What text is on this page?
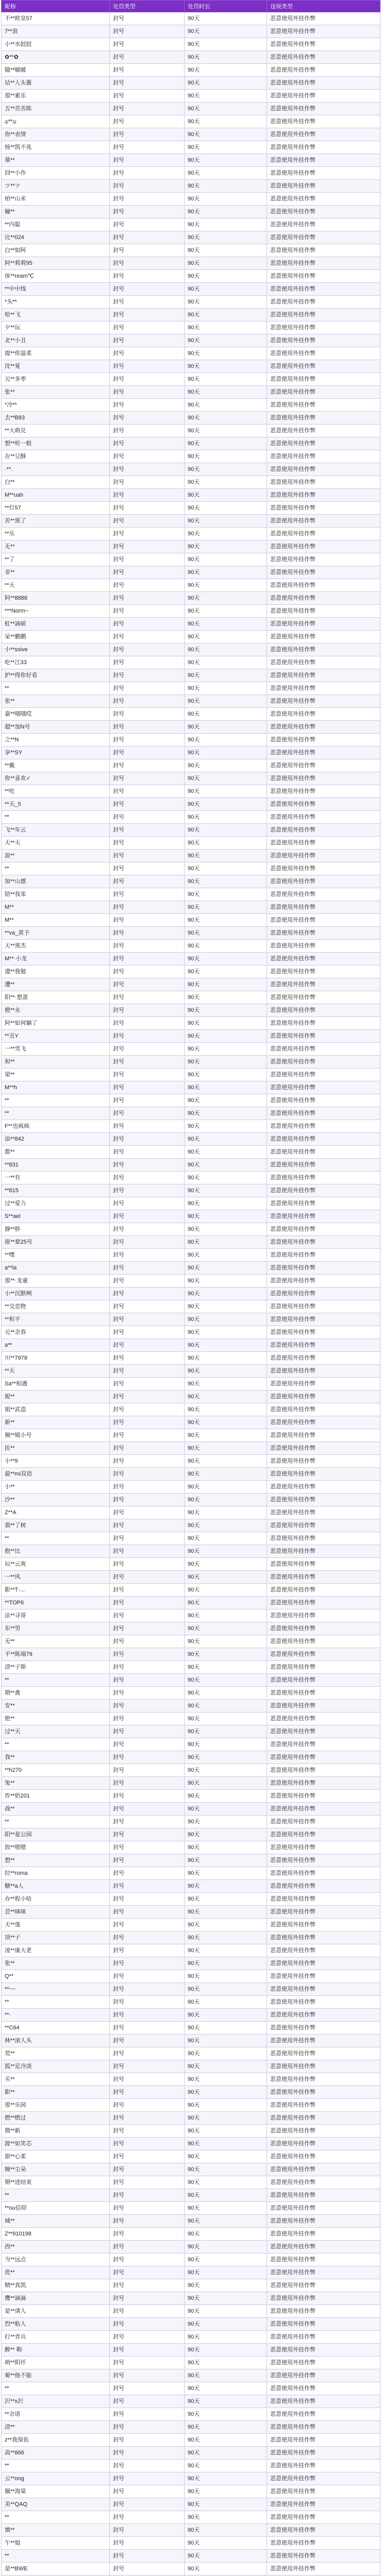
昵称	处罚类型	处罚时长	违规类型
不**欧皇57	封号	90天	恶意使用外挂作弊
7**浪	封号	90天	恶意使用外挂作弊
小**水挝挝	封号	90天	恶意使用外挂作弊
✿**✿	封号	90天	恶意使用外挂作弊
随**啵啵	封号	90天	恶意使用外挂作弊
站**人头酱	封号	90天	恶意使用外挂作弊
那**素乐	封号	90天	恶意使用外挂作弊
五**苦苦陈	封号	90天	恶意使用外挂作弊
ಥ**ಥ	封号	90天	恶意使用外挂作弊
你**表情	封号	90天	恶意使用外挂作弊
杨**凯不兆	封号	90天	恶意使用外挂作弊
幕**	封号	90天	恶意使用外挂作弊
回**小作	封号	90天	恶意使用外挂作弊
ツ**ツ	封号	90天	恶意使用外挂作弊
柏**山米	封号	90天	恶意使用外挂作弊
瞳**	封号	90天	恶意使用外挂作弊
**内聪	封号	90天	恶意使用外挂作弊
比**024	封号	90天	恶意使用外挂作弊
白**如阿	封号	90天	恶意使用外挂作弊
阿**莉莉95	封号	90天	恶意使用外挂作弊
体**ream℃	封号	90天	恶意使用外挂作弊
**中中线	封号	90天	恶意使用外挂作弊
*头**	封号	90天	恶意使用外挂作弊
哈**飞	封号	90天	恶意使用外挂作弊
夕**玩	封号	90天	恶意使用外挂作弊
北**小丑	封号	90天	恶意使用外挂作弊
提**你温柔	封号	90天	恶意使用外挂作弊
沈**夏	封号	90天	恶意使用外挂作弊
元**多枣	封号	90天	恶意使用外挂作弊
张**	封号	90天	恶意使用外挂作弊
*冷**	封号	90天	恶意使用外挂作弊
去**B83	封号	90天	恶意使用外挂作弊
**大萌兑	封号	90天	恶意使用外挂作弊
想**听一般	封号	90天	恶意使用外挂作弊
在**豆酥	封号	90天	恶意使用外挂作弊
·**.	封号	90天	恶意使用外挂作弊
白**	封号	90天	恶意使用外挂作弊
M**uah	封号	90天	恶意使用外挂作弊
**灯57	封号	90天	恶意使用外挂作弊
苦**黑了	封号	90天	恶意使用外挂作弊
**乐	封号	90天	恶意使用外挂作弊
无**	封号	90天	恶意使用外挂作弊
**了	封号	90天	恶意使用外挂作弊
非**	封号	90天	恶意使用外挂作弊
**天	封号	90天	恶意使用外挂作弊
阿**8888	封号	90天	恶意使用外挂作弊
***Norm~	封号	90天	恶意使用外挂作弊
虹**滴硕	封号	90天	恶意使用外挂作弊
呆**鹏鹏	封号	90天	恶意使用外挂作弊
小**ssive	封号	90天	恶意使用外挂作弊
吃**江33	封号	90天	恶意使用外挂作弊
护**得你好看	封号	90天	恶意使用外挂作弊
**	封号	90天	恶意使用外挂作弊
张**	封号	90天	恶意使用外挂作弊
嘉**哦哦哎	封号	90天	恶意使用外挂作弊
超**加N号	封号	90天	恶意使用外挂作弊
之**N	封号	90天	恶意使用外挂作弊
享**SY	封号	90天	恶意使用外挂作弊
**戴	封号	90天	恶意使用外挂作弊
你**喜欢✓	封号	90天	恶意使用外挂作弊
**吃	封号	90天	恶意使用外挂作弊
**天_5	封号	90天	恶意使用外挂作弊
**	封号	90天	恶意使用外挂作弊
飞**年云	封号	90天	恶意使用外挂作弊
天**天	封号	90天	恶意使用外挂作弊
浪**	封号	90天	恶意使用外挂作弊
**	封号	90天	恶意使用外挂作弊
加**山感	封号	90天	恶意使用外挂作弊
陪**我笨	封号	90天	恶意使用外挂作弊
M**	封号	90天	恶意使用外挂作弊
M**	封号	90天	恶意使用外挂作弊
**va_黄予	封号	90天	恶意使用外挂作弊
天**黑杰	封号	90天	恶意使用外挂作弊
M**·小龙	封号	90天	恶意使用外挂作弊
遗**我勉	封号	90天	恶意使用外挂作弊
遭**	封号	90天	恶意使用外挂作弊
阳**·想蛋	封号	90天	恶意使用外挂作弊
橙**永	封号	90天	恶意使用外挂作弊
阿**如何躺了	封号	90天	恶意使用外挂作弊
**丑Y	封号	90天	恶意使用外挂作弊
一**雪飞	封号	90天	恶意使用外挂作弊
和**	封号	90天	恶意使用外挂作弊
梁**	封号	90天	恶意使用外挂作弊
M**h	封号	90天	恶意使用外挂作弊
**	封号	90天	恶意使用外挂作弊
**	封号	90天	恶意使用外挂作弊
F**也疯疯	封号	90天	恶意使用外挂作弊
添**842	封号	90天	恶意使用外挂作弊
都**	封号	90天	恶意使用外挂作弊
**831	封号	90天	恶意使用外挂作弊
一**有	封号	90天	恶意使用外挂作弊
**815	封号	90天	恶意使用外挂作弊
过**爱力	封号	90天	恶意使用外挂作弊
S**ael	封号	90天	恶意使用外挂作弊
静**胖	封号	90天	恶意使用外挂作弊
原**辈25号	封号	90天	恶意使用外挂作弊
**嘿	封号	90天	恶意使用外挂作弊
a**la	封号	90天	恶意使用外挂作弊
那**·龙童	封号	90天	恶意使用外挂作弊
小**沉默咧	封号	90天	恶意使用外挂作弊
**交恋物	封号	90天	恶意使用外挂作弊
**和平	封号	90天	恶意使用外挂作弊
元**余春	封号	90天	恶意使用外挂作弊
a**	封号	90天	恶意使用外挂作弊
川**7978	封号	90天	恶意使用外挂作弊
**天	封号	90天	恶意使用外挂作弊
Sa**相遇	封号	90天	恶意使用外挂作弊
妮**	封号	90天	恶意使用外挂作弊
姐**武造	封号	90天	恶意使用外挂作弊
新**	封号	90天	恶意使用外挂作弊
佩**嫣小号	封号	90天	恶意使用外挂作弊
医**	封号	90天	恶意使用外挂作弊
小**9	封号	90天	恶意使用外挂作弊
最**mi双语	封号	90天	恶意使用外挂作弊
小**	封号	90天	恶意使用外挂作弊
沙**	封号	90天	恶意使用外挂作弊
Z**A	封号	90天	恶意使用外挂作弊
翡**了树	封号	90天	恶意使用外挂作弊
**	封号	90天	恶意使用外挂作弊
抱**比	封号	90天	恶意使用外挂作弊
玩**云爽	封号	90天	恶意使用外挂作弊
一**风	封号	90天	恶意使用外挂作弊
影**T·...	封号	90天	恶意使用外挂作弊
**TOP6	封号	90天	恶意使用外挂作弊
法**寻哥	封号	90天	恶意使用外挂作弊
东**男	封号	90天	恶意使用外挂作弊
无**	封号	90天	恶意使用外挂作弊
平**陈端79	封号	90天	恶意使用外挂作弊
清**子斯	封号	90天	恶意使用外挂作弊
**	封号	90天	恶意使用外挂作弊
期**禽	封号	90天	恶意使用外挂作弊
安**	封号	90天	恶意使用外挂作弊
绝**	封号	90天	恶意使用外挂作弊
过**天	封号	90天	恶意使用外挂作弊
**	封号	90天	恶意使用外挂作弊
我**	封号	90天	恶意使用外挂作弊
**h270	封号	90天	恶意使用外挂作弊
兔**	封号	90天	恶意使用外挂作弊
炸**奶201	封号	90天	恶意使用外挂作弊
战**	封号	90天	恶意使用外挂作弊
**	封号	90天	恶意使用外挂作弊
阳**是公园	封号	90天	恶意使用外挂作弊
致**嗯嗯	封号	90天	恶意使用外挂作弊
想**	封号	90天	恶意使用外挂作弊
拉**roma	封号	90天	恶意使用外挂作弊
糖**a人	封号	90天	恶意使用外挂作弊
办**程小哈	封号	90天	恶意使用外挂作弊
芸**咪咪	封号	90天	恶意使用外挂作弊
天**莲	封号	90天	恶意使用外挂作弊
顶**子	封号	90天	恶意使用外挂作弊
凌**康大老	封号	90天	恶意使用外挂作弊
张**	封号	90天	恶意使用外挂作弊
Q**	封号	90天	恶意使用外挂作弊
**~~	封号	90天	恶意使用外挂作弊
**	封号	90天	恶意使用外挂作弊
**·	封号	90天	恶意使用外挂作弊
**C64	封号	90天	恶意使用外挂作弊
林**滚人头	封号	90天	恶意使用外挂作弊
荒**	封号	90天	恶意使用外挂作弊
狐**足冷淡	封号	90天	恶意使用外挂作弊
买**	封号	90天	恶意使用外挂作弊
影**	封号	90天	恶意使用外挂作弊
那**乐园	封号	90天	恶意使用外挂作弊
燃**燃过	封号	90天	恶意使用外挂作弊
微**新	封号	90天	恶意使用外挂作弊
渡**如笑芯	封号	90天	恶意使用外挂作弊
甜**心柔	封号	90天	恶意使用外挂作弊
婉**尘朵	封号	90天	恶意使用外挂作弊
期**进结束	封号	90天	恶意使用外挂作弊
**	封号	90天	恶意使用外挂作弊
**ou信仰	封号	90天	恶意使用外挂作弊
城**	封号	90天	恶意使用外挂作弊
Z**910198	封号	90天	恶意使用外挂作弊
西**	封号	90天	恶意使用外挂作弊
当**远点	封号	90天	恶意使用外挂作弊
优**	封号	90天	恶意使用外挂作弊
精**真凯	封号	90天	恶意使用外挂作弊
鹰**滴滴	封号	90天	恶意使用外挂作弊
是**请人	封号	90天	恶意使用外挂作弊
烈**粘人	封号	90天	恶意使用外挂作弊
打**青兵	封号	90天	恶意使用外挂作弊
醉** 勒	封号	90天	恶意使用外挂作弊
萌**阳仟	封号	90天	恶意使用外挂作弊
菊**他不能	封号	90天	恶意使用外挂作弊
**	封号	90天	恶意使用外挂作弊
沢**x沢	封号	90天	恶意使用外挂作弊
**余诺	封号	90天	恶意使用外挂作弊
清**	封号	90天	恶意使用外挂作弊
z**我保佑	封号	90天	恶意使用外挂作弊
高**866	封号	90天	恶意使用外挂作弊
**	封号	90天	恶意使用外挂作弊
云**ong	封号	90天	恶意使用外挂作弊
佩**海棠	封号	90天	恶意使用外挂作弊
美**QAQ	封号	90天	恶意使用外挂作弊
**	封号	90天	恶意使用外挂作弊
慎**	封号	90天	恶意使用外挂作弊
午**姐	封号	90天	恶意使用外挂作弊
**	封号	90天	恶意使用外挂作弊
是**BWE	封号	90天	恶意使用外挂作弊
